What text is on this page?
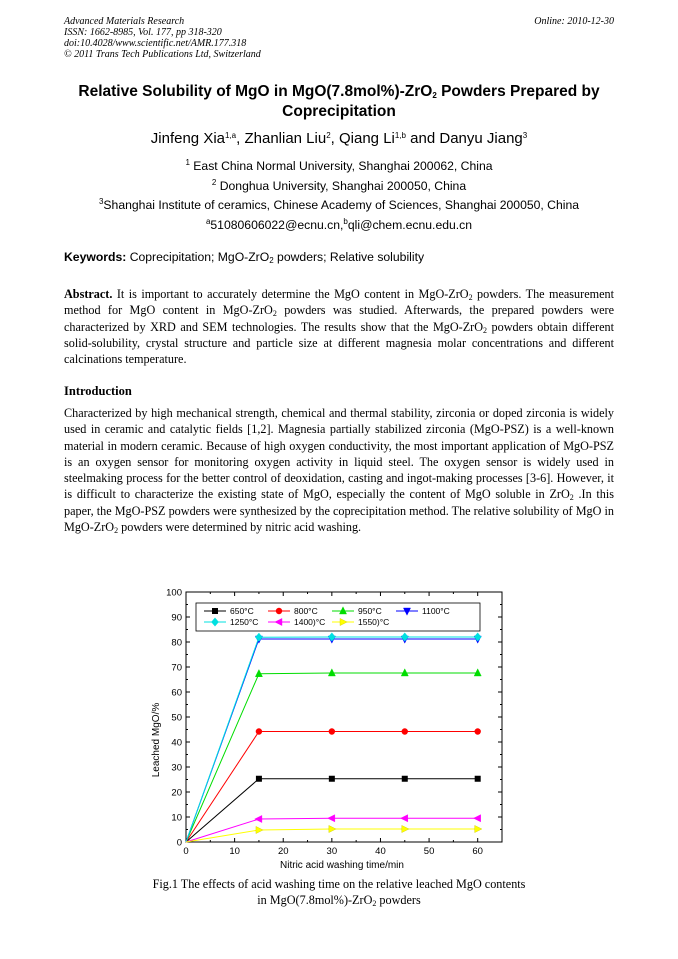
Advanced Materials Research
ISSN: 1662-8985, Vol. 177, pp 318-320
doi:10.4028/www.scientific.net/AMR.177.318
© 2011 Trans Tech Publications Ltd, Switzerland
Online: 2010-12-30
Relative Solubility of MgO in MgO(7.8mol%)-ZrO$_2$ Powders Prepared by Coprecipitation
Jinfeng Xia$^{1,a}$, Zhanlian Liu$^2$, Qiang Li$^{1,b}$ and Danyu Jiang$^3$
$^1$ East China Normal University, Shanghai 200062, China
$^2$ Donghua University, Shanghai 200050, China
$^3$Shanghai Institute of ceramics, Chinese Academy of Sciences, Shanghai 200050, China
$^a$51080606022@ecnu.cn,$^b$qli@chem.ecnu.edu.cn
Keywords: Coprecipitation; MgO-ZrO$_2$ powders; Relative solubility

Abstract. It is important to accurately determine the MgO content in MgO-ZrO$_2$ powders. The measurement method for MgO content in MgO-ZrO$_2$ powders was studied. Afterwards, the prepared powders were characterized by XRD and SEM technologies. The results show that the MgO-ZrO$_2$ powders obtain different solid-solubility, crystal structure and particle size at different magnesia molar concentrations and different calcinations temperature.

Introduction

Characterized by high mechanical strength, chemical and thermal stability, zirconia or doped zirconia is widely used in ceramic and catalytic fields [1,2]. Magnesia partially stabilized zirconia (MgO-PSZ) is a well-known material in modern ceramic. Because of high oxygen conductivity, the most important application of MgO-PSZ is an oxygen sensor for monitoring oxygen activity in liquid steel. The oxygen sensor is widely used in steelmaking process for the better control of deoxidation, casting and ingot-making processes [3-6]. However, it is difficult to characterize the existing state of MgO, especially the content of MgO soluble in ZrO$_2$ .In this paper, the MgO-PSZ powders were synthesized by the coprecipitation method. The relative solubility of MgO in MgO-ZrO$_2$ powders were determined by nitric acid washing.

0
10
20
30
40
50
60
70
80
90
100
0	10	20	30	40	50	60
650°C	800°C	950°C	1100°C
1250°C	1400)°C	1550)°C
Nitric acid washing time/min
Leached MgO/%
Fig.1 The effects of acid washing time on the relative leached MgO contents
in MgO(7.8mol%)-ZrO$_2$ powders
